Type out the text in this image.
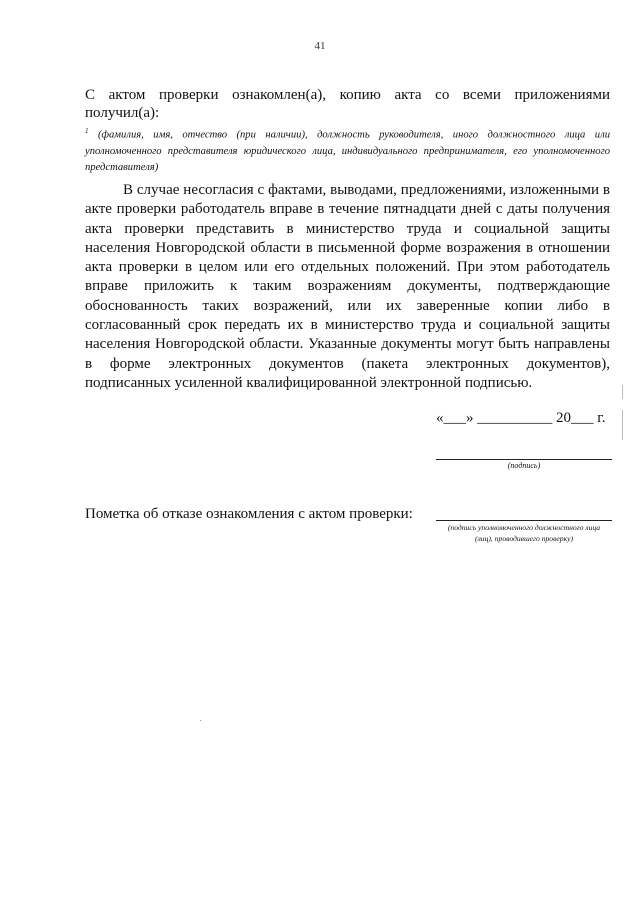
41
С актом проверки ознакомлен(а), копию акта со всеми приложениями
получил(а):
$^1$ (фамилия, имя, отчество (при наличии), должность руководителя, иного должностного лица или уполномоченного представителя юридического лица, индивидуального предпринимателя, его уполномоченного представителя)
В случае несогласия с фактами, выводами, предложениями, изложенными в акте проверки работодатель вправе в течение пятнадцати дней с даты получения акта проверки представить в министерство труда и социальной защиты населения Новгородской области в письменной форме возражения в отношении акта проверки в целом или его отдельных положений. При этом работодатель вправе приложить к таким возражениям документы, подтверждающие обоснованность таких возражений, или их заверенные копии либо в согласованный срок передать их в министерство труда и социальной защиты населения Новгородской области. Указанные документы могут быть направлены в форме электронных документов (пакета электронных документов), подписанных усиленной квалифицированной электронной подписью.
«___» __________ 20___ г.
(подпись)
Пометка об отказе ознакомления с актом проверки:
(подпись уполномоченного должностного лица
(лиц), проводившего проверку)
